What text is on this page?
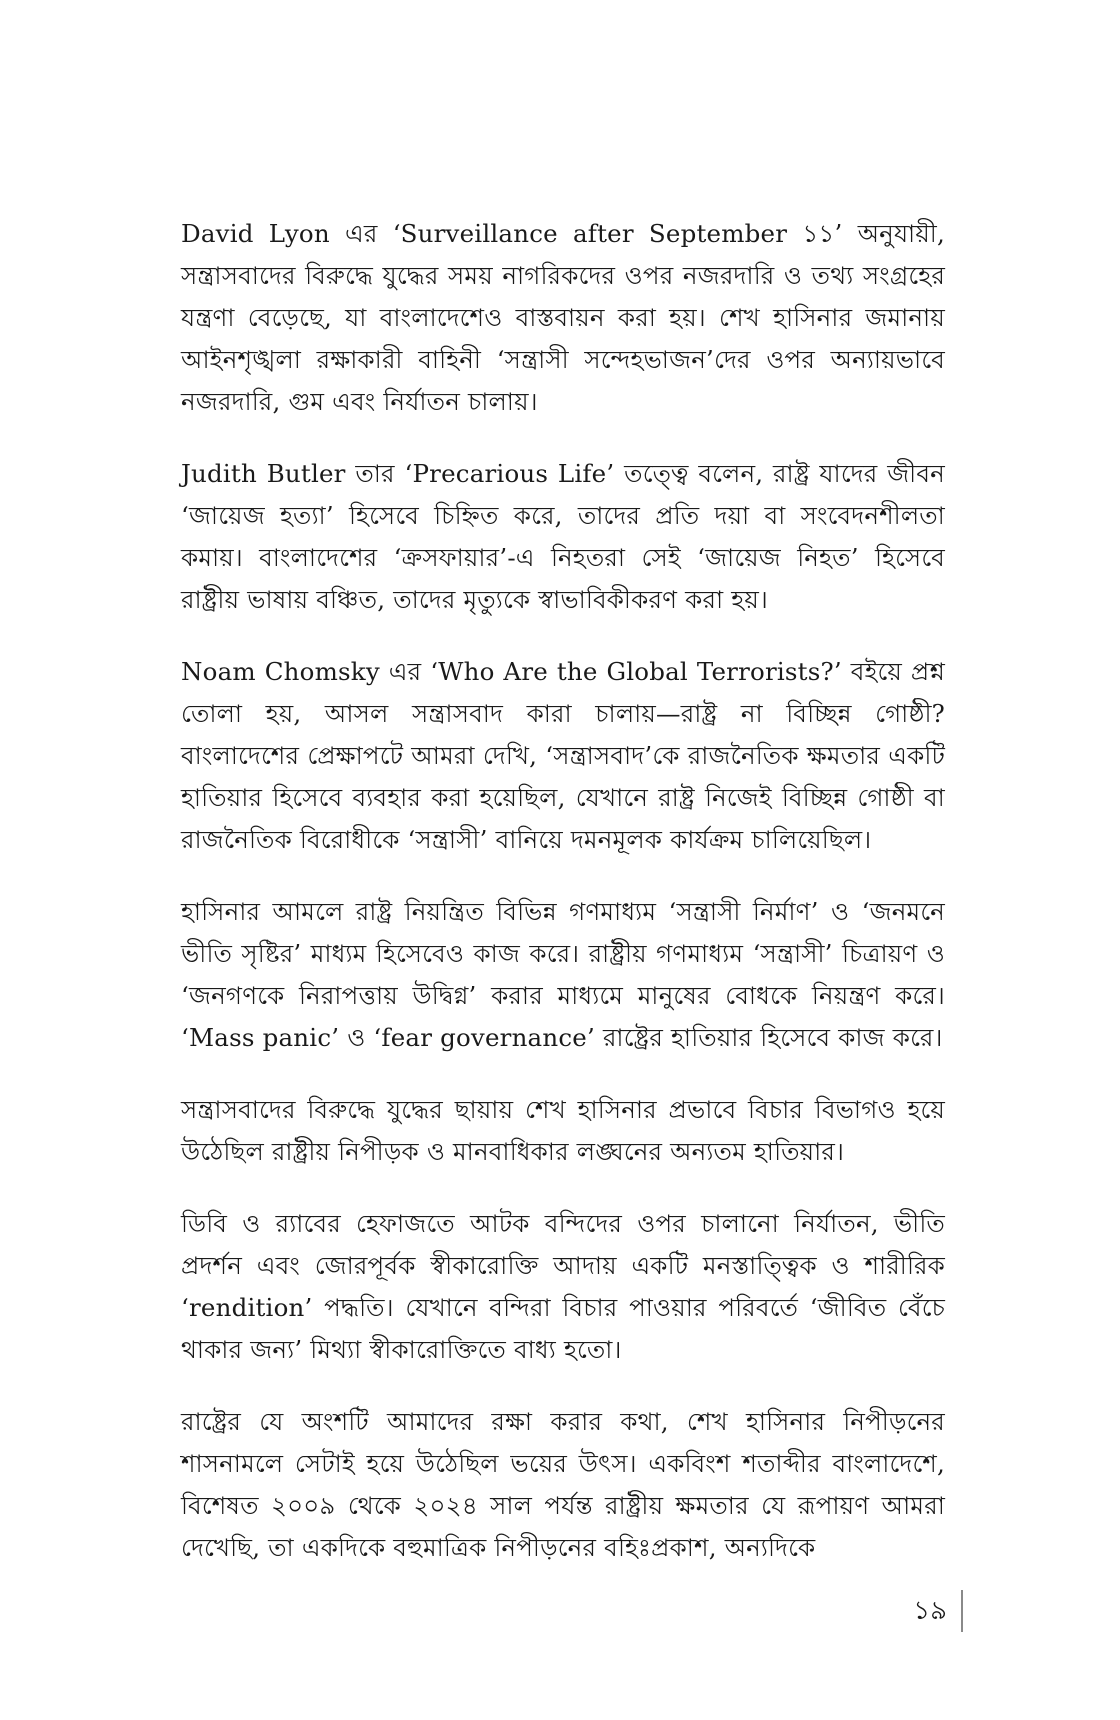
David Lyon এর ‘Surveillance after September ১১’ অনুযায়ী, সন্ত্রাসবাদের বিরুদ্ধে যুদ্ধের সময় নাগরিকদের ওপর নজরদারি ও তথ্য সংগ্রহের যন্ত্রণা বেড়েছে, যা বাংলাদেশেও বাস্তবায়ন করা হয়। শেখ হাসিনার জমানায় আইনশৃঙ্খলা রক্ষাকারী বাহিনী ‘সন্ত্রাসী সন্দেহভাজন’দের ওপর অন্যায়ভাবে নজরদারি, গুম এবং নির্যাতন চালায়।

Judith Butler তার ‘Precarious Life’ তত্ত্বে বলেন, রাষ্ট্র যাদের জীবন ‘জায়েজ হত্যা’ হিসেবে চিহ্নিত করে, তাদের প্রতি দয়া বা সংবেদনশীলতা কমায়। বাংলাদেশের ‘ক্রসফায়ার’-এ নিহতরা সেই ‘জায়েজ নিহত’ হিসেবে রাষ্ট্রীয় ভাষায় বঞ্চিত, তাদের মৃত্যুকে স্বাভাবিকীকরণ করা হয়।

Noam Chomsky এর ‘Who Are the Global Terrorists?’ বইয়ে প্রশ্ন তোলা হয়, আসল সন্ত্রাসবাদ কারা চালায়—রাষ্ট্র না বিচ্ছিন্ন গোষ্ঠী? বাংলাদেশের প্রেক্ষাপটে আমরা দেখি, ‘সন্ত্রাসবাদ’কে রাজনৈতিক ক্ষমতার একটি হাতিয়ার হিসেবে ব্যবহার করা হয়েছিল, যেখানে রাষ্ট্র নিজেই বিচ্ছিন্ন গোষ্ঠী বা রাজনৈতিক বিরোধীকে ‘সন্ত্রাসী’ বানিয়ে দমনমূলক কার্যক্রম চালিয়েছিল।

হাসিনার আমলে রাষ্ট্র নিয়ন্ত্রিত বিভিন্ন গণমাধ্যম ‘সন্ত্রাসী নির্মাণ’ ও ‘জনমনে ভীতি সৃষ্টির’ মাধ্যম হিসেবেও কাজ করে। রাষ্ট্রীয় গণমাধ্যম ‘সন্ত্রাসী’ চিত্রায়ণ ও ‘জনগণকে নিরাপত্তায় উদ্বিগ্ন’ করার মাধ্যমে মানুষের বোধকে নিয়ন্ত্রণ করে। ‘Mass panic’ ও ‘fear governance’ রাষ্ট্রের হাতিয়ার হিসেবে কাজ করে।

সন্ত্রাসবাদের বিরুদ্ধে যুদ্ধের ছায়ায় শেখ হাসিনার প্রভাবে বিচার বিভাগও হয়ে উঠেছিল রাষ্ট্রীয় নিপীড়ক ও মানবাধিকার লঙ্ঘনের অন্যতম হাতিয়ার।

ডিবি ও র‍্যাবের হেফাজতে আটক বন্দিদের ওপর চালানো নির্যাতন, ভীতি প্রদর্শন এবং জোরপূর্বক স্বীকারোক্তি আদায় একটি মনস্তাত্ত্বিক ও শারীরিক ‘rendition’ পদ্ধতি। যেখানে বন্দিরা বিচার পাওয়ার পরিবর্তে ‘জীবিত বেঁচে থাকার জন্য’ মিথ্যা স্বীকারোক্তিতে বাধ্য হতো।

রাষ্ট্রের যে অংশটি আমাদের রক্ষা করার কথা, শেখ হাসিনার নিপীড়নের শাসনামলে সেটাই হয়ে উঠেছিল ভয়ের উৎস। একবিংশ শতাব্দীর বাংলাদেশে, বিশেষত ২০০৯ থেকে ২০২৪ সাল পর্যন্ত রাষ্ট্রীয় ক্ষমতার যে রূপায়ণ আমরা দেখেছি, তা একদিকে বহুমাত্রিক নিপীড়নের বহিঃপ্রকাশ, অন্যদিকে

১৯
